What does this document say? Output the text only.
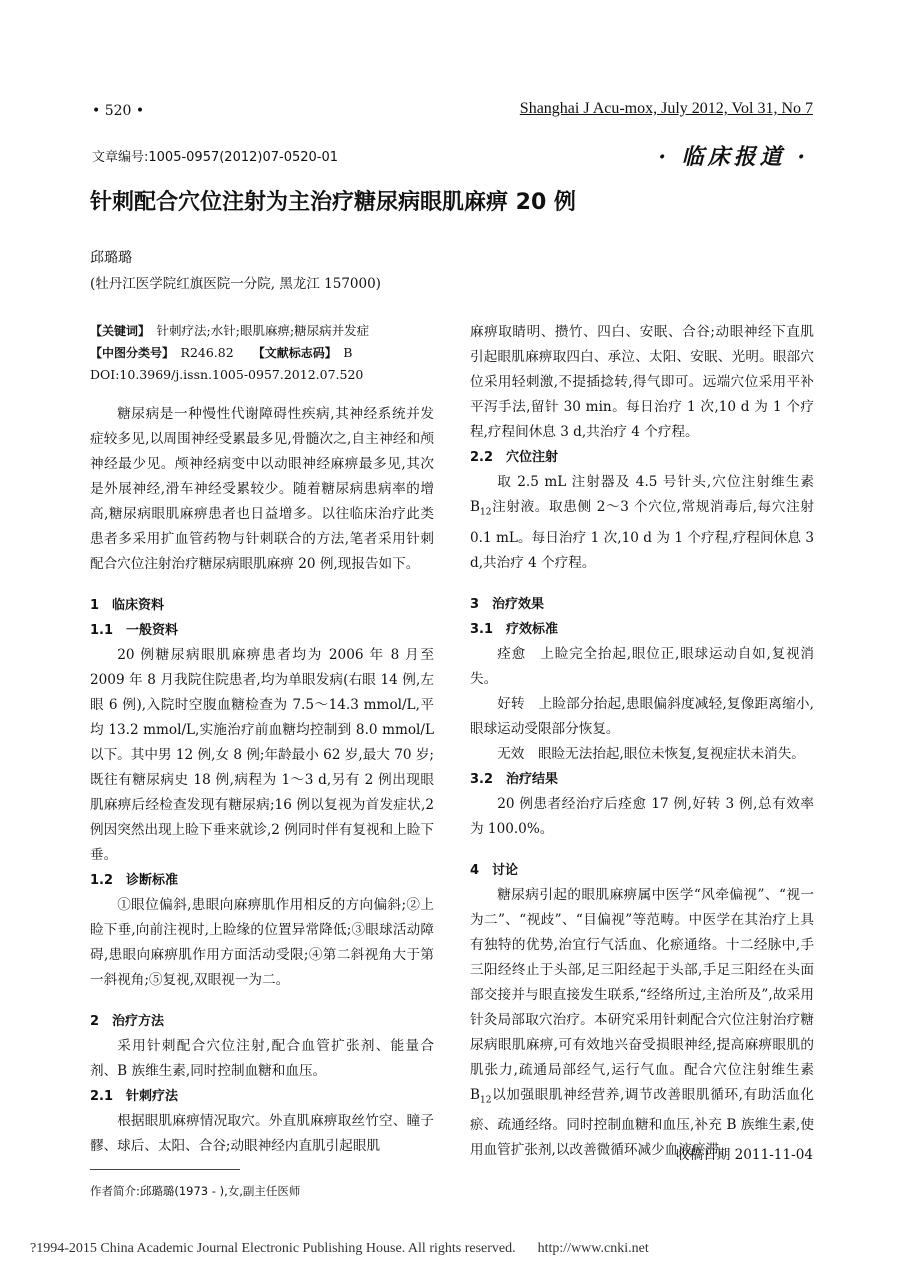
• 520 •	Shanghai J Acu-mox, July 2012, Vol 31, No 7
文章编号:1005-0957(2012)07-0520-01	· 临床报道 ·
针刺配合穴位注射为主治疗糖尿病眼肌麻痹 20 例
邱璐璐
(牡丹江医学院红旗医院一分院, 黑龙江 157000)

【关键词】　 针刺疗法;水针;眼肌麻痹;糖尿病并发症

【中图分类号】　 R246.82　　 【文献标志码】　 B

DOI:10.3969/j.issn.1005-0957.2012.07.520

糖尿病是一种慢性代谢障碍性疾病,其神经系统并发症较多见,以周围神经受累最多见,骨髓次之,自主神经和颅神经最少见。颅神经病变中以动眼神经麻痹最多见,其次是外展神经,滑车神经受累较少。随着糖尿病患病率的增高,糖尿病眼肌麻痹患者也日益增多。以往临床治疗此类患者多采用扩血管药物与针刺联合的方法,笔者采用针刺配合穴位注射治疗糖尿病眼肌麻痹 20 例,现报告如下。

1　临床资料

1.1　一般资料

20 例糖尿病眼肌麻痹患者均为 2006 年 8 月至 2009 年 8 月我院住院患者,均为单眼发病(右眼 14 例,左眼 6 例),入院时空腹血糖检查为 7.5～14.3 mmol/L,平均 13.2 mmol/L,实施治疗前血糖均控制到 8.0 mmol/L 以下。其中男 12 例,女 8 例;年龄最小 62 岁,最大 70 岁;既往有糖尿病史 18 例,病程为 1～3 d,另有 2 例出现眼肌麻痹后经检查发现有糖尿病;16 例以复视为首发症状,2 例因突然出现上睑下垂来就诊,2 例同时伴有复视和上睑下垂。

1.2　诊断标准

①眼位偏斜,患眼向麻痹肌作用相反的方向偏斜;②上睑下垂,向前注视时,上睑缘的位置异常降低;③眼球活动障碍,患眼向麻痹肌作用方面活动受限;④第二斜视角大于第一斜视角;⑤复视,双眼视一为二。

2　治疗方法

采用针刺配合穴位注射,配合血管扩张剂、能量合剂、B 族维生素,同时控制血糖和血压。

2.1　针刺疗法

根据眼肌麻痹情况取穴。外直肌麻痹取丝竹空、瞳子髎、球后、太阳、合谷;动眼神经内直肌引起眼肌

麻痹取睛明、攒竹、四白、安眠、合谷;动眼神经下直肌引起眼肌麻痹取四白、承泣、太阳、安眠、光明。眼部穴位采用轻刺激,不提插捻转,得气即可。远端穴位采用平补平泻手法,留针 30 min。每日治疗 1 次,10 d 为 1 个疗程,疗程间休息 3 d,共治疗 4 个疗程。

2.2　穴位注射

取 2.5 mL 注射器及 4.5 号针头,穴位注射维生素 $B_{12}$注射液。取患侧 2～3 个穴位,常规消毒后,每穴注射 0.1 mL。每日治疗 1 次,10 d 为 1 个疗程,疗程间休息 3 d,共治疗 4 个疗程。

3　治疗效果

3.1　疗效标准

痊愈　上睑完全抬起,眼位正,眼球运动自如,复视消失。

好转　上睑部分抬起,患眼偏斜度减轻,复像距离缩小,眼球运动受限部分恢复。

无效　眼睑无法抬起,眼位未恢复,复视症状未消失。

3.2　治疗结果

20 例患者经治疗后痊愈 17 例,好转 3 例,总有效率为 100.0%。

4　讨论

糖尿病引起的眼肌麻痹属中医学“风牵偏视”、“视一为二”、“视歧”、“目偏视”等范畴。中医学在其治疗上具有独特的优势,治宜行气活血、化瘀通络。十二经脉中,手三阳经终止于头部,足三阳经起于头部,手足三阳经在头面部交接并与眼直接发生联系,“经络所过,主治所及”,故采用针灸局部取穴治疗。本研究采用针刺配合穴位注射治疗糖尿病眼肌麻痹,可有效地兴奋受损眼神经,提高麻痹眼肌的肌张力,疏通局部经气,运行气血。配合穴位注射维生素 $B_{12}$以加强眼肌神经营养,调节改善眼肌循环,有助活血化瘀、疏通经络。同时控制血糖和血压,补充 B 族维生素,使用血管扩张剂,以改善微循环减少血液瘀滞。

收稿日期 2011-11-04
作者简介:邱璐璐(1973 - ),女,副主任医师
?1994-2015 China Academic Journal Electronic Publishing House. All rights reserved. http://www.cnki.net
